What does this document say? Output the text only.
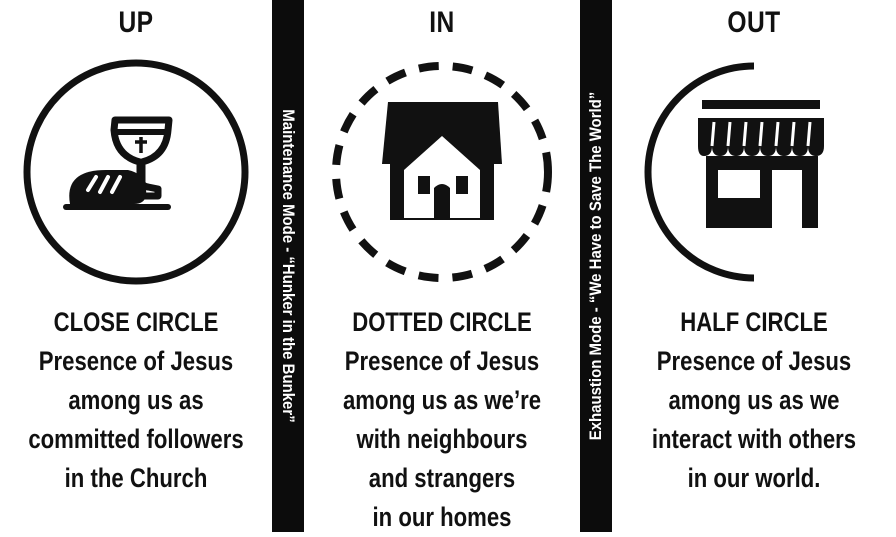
UP
CLOSE CIRCLE
Presence of Jesus
among us as
committed followers
in the Church
Maintenance Mode - “Hunker in the Bunker”
IN
DOTTED CIRCLE
Presence of Jesus
among us as we’re
with neighbours
and strangers
in our homes
Exhaustion Mode - “We Have to Save The World”
OUT
HALF CIRCLE
Presence of Jesus
among us as we
interact with others
in our world.
